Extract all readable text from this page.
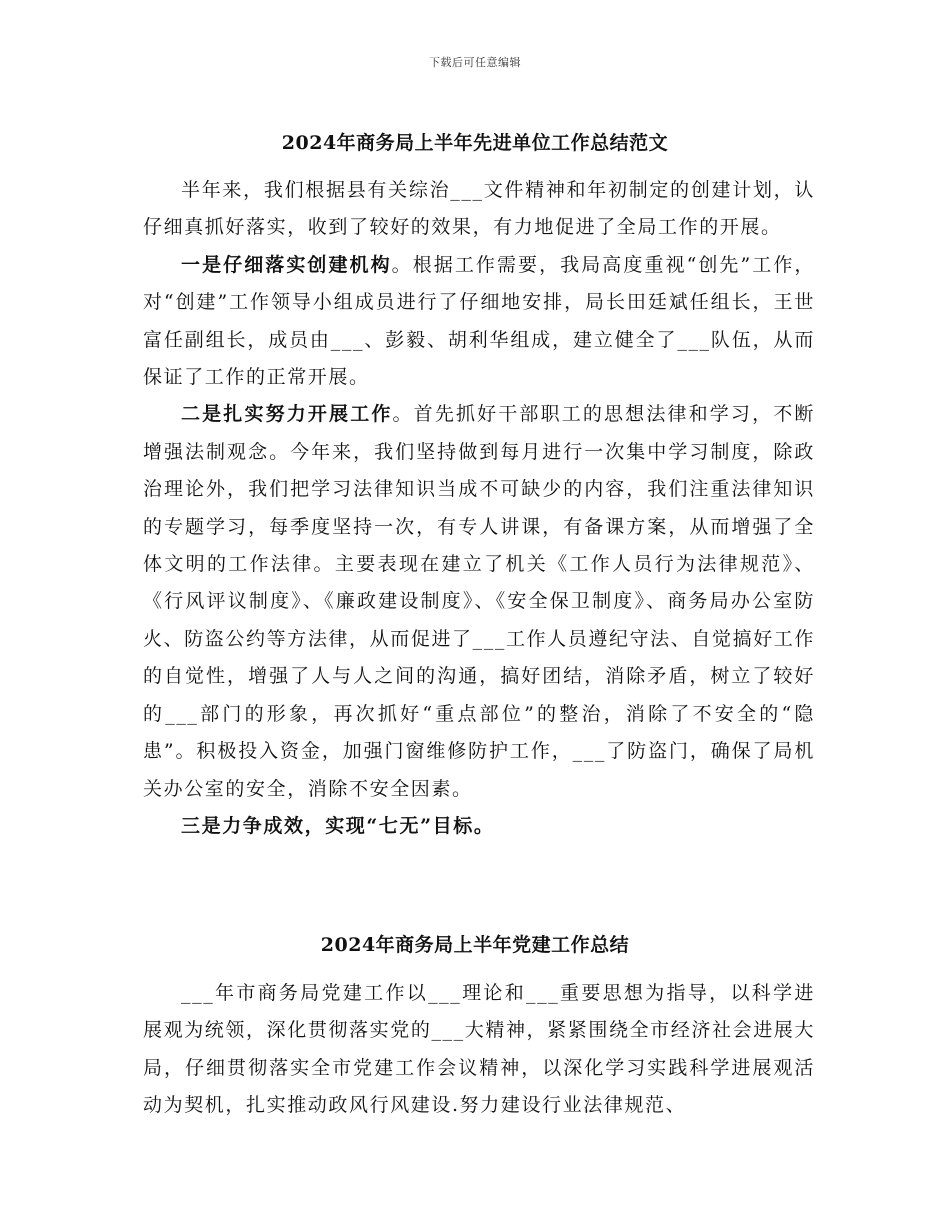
下载后可任意编辑
2024年商务局上半年先进单位工作总结范文

半年来，我们根据县有关综治___文件精神和年初制定的创建计划，认仔细真抓好落实，收到了较好的效果，有力地促进了全局工作的开展。

一是仔细落实创建机构。根据工作需要，我局高度重视“创先”工作，对“创建”工作领导小组成员进行了仔细地安排，局长田廷斌任组长，王世富任副组长，成员由___、彭毅、胡利华组成，建立健全了___队伍，从而保证了工作的正常开展。

二是扎实努力开展工作。首先抓好干部职工的思想法律和学习，不断增强法制观念。今年来，我们坚持做到每月进行一次集中学习制度，除政治理论外，我们把学习法律知识当成不可缺少的内容，我们注重法律知识的专题学习，每季度坚持一次，有专人讲课，有备课方案，从而增强了全体文明的工作法律。主要表现在建立了机关《工作人员行为法律规范》、《行风评议制度》、《廉政建设制度》、《安全保卫制度》、商务局办公室防火、防盗公约等方法律，从而促进了___工作人员遵纪守法、自觉搞好工作的自觉性，增强了人与人之间的沟通，搞好团结，消除矛盾，树立了较好的___部门的形象，再次抓好“重点部位”的整治，消除了不安全的“隐患”。积极投入资金，加强门窗维修防护工作，___了防盗门，确保了局机关办公室的安全，消除不安全因素。

三是力争成效，实现“七无”目标。

2024年商务局上半年党建工作总结

___年市商务局党建工作以___理论和___重要思想为指导，以科学进展观为统领，深化贯彻落实党的___大精神，紧紧围绕全市经济社会进展大局，仔细贯彻落实全市党建工作会议精神，以深化学习实践科学进展观活动为契机，扎实推动政风行风建设.努力建设行业法律规范、
